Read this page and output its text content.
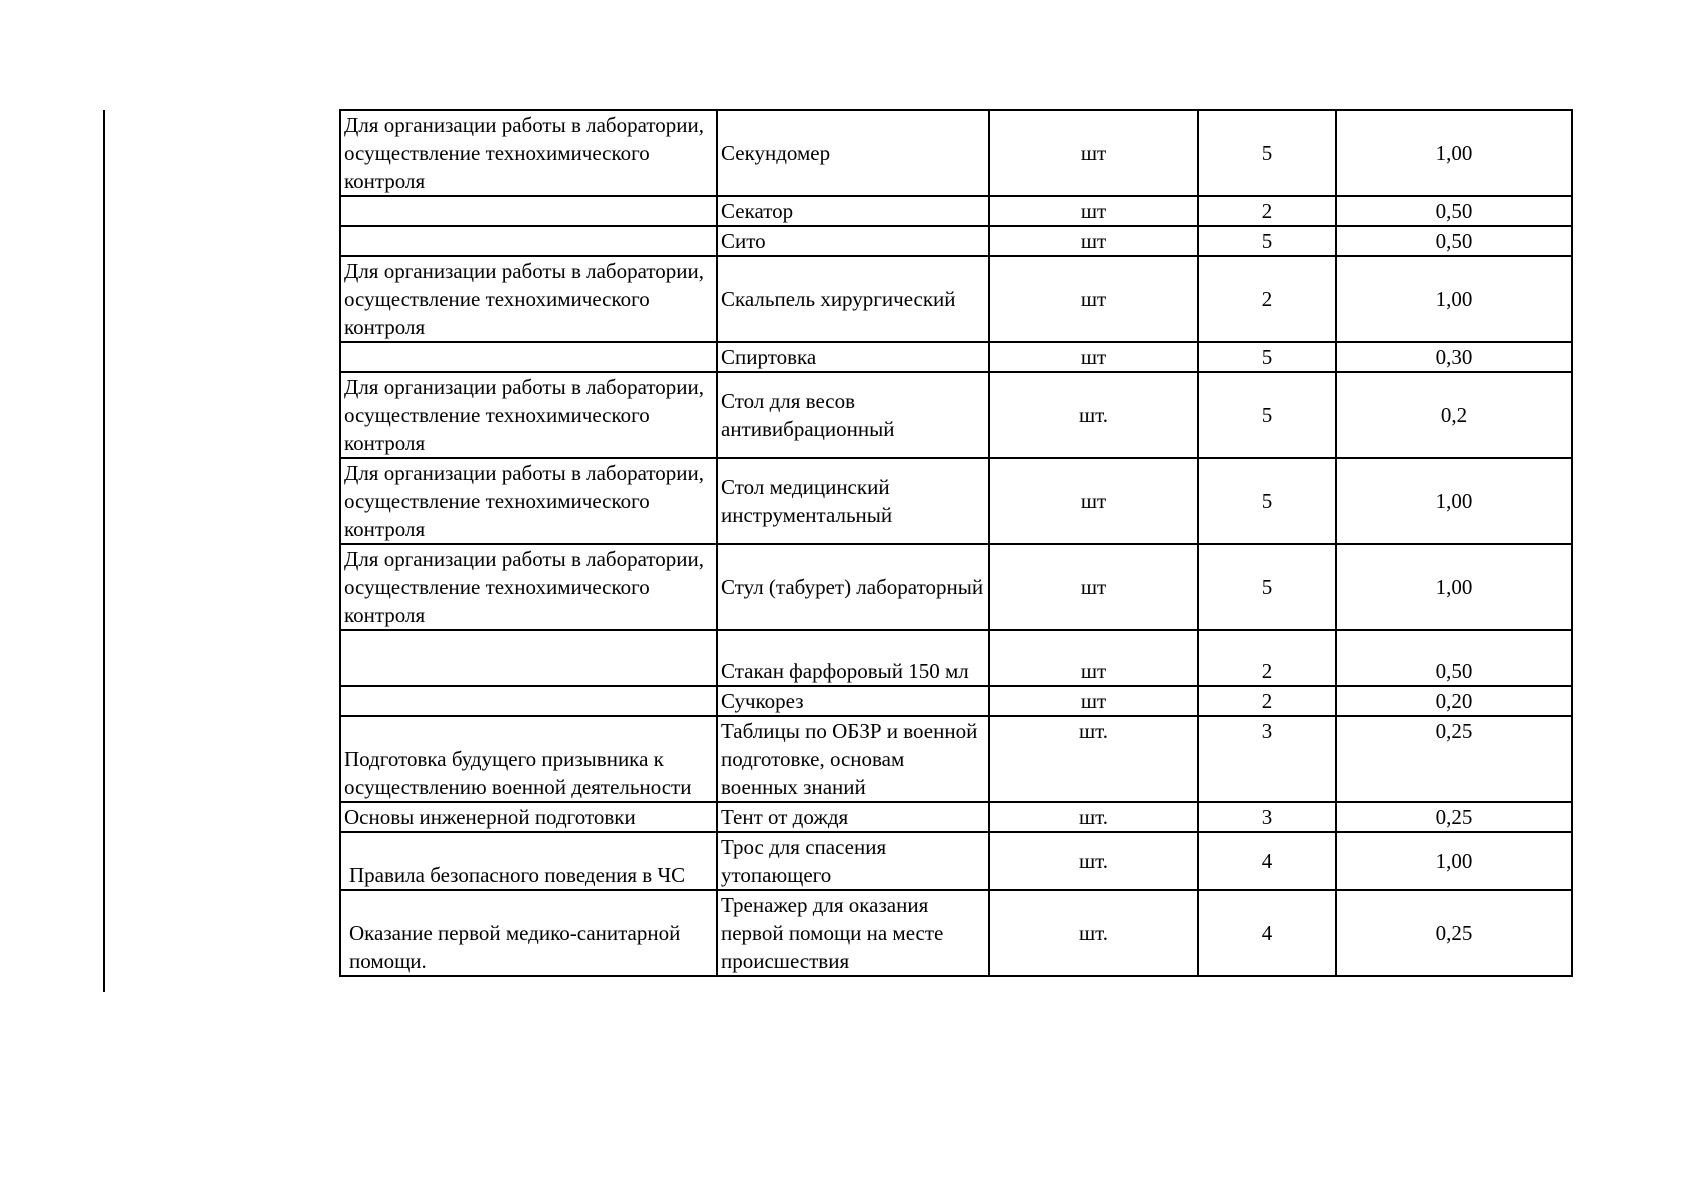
Для организации работы в лаборатории, осуществление технохимического контроля	Секундомер	шт	5	1,00
	Секатор	шт	2	0,50
	Сито	шт	5	0,50
Для организации работы в лаборатории, осуществление технохимического контроля	Скальпель хирургический	шт	2	1,00
	Спиртовка	шт	5	0,30
Для организации работы в лаборатории, осуществление технохимического контроля	Стол для весов антивибрационный	шт.	5	0,2
Для организации работы в лаборатории, осуществление технохимического контроля	Стол медицинский инструментальный	шт	5	1,00
Для организации работы в лаборатории, осуществление технохимического контроля	Стул (табурет) лабораторный	шт	5	1,00
	Стакан фарфоровый 150 мл	шт	2	0,50
	Сучкорез	шт	2	0,20
Подготовка будущего призывника к осуществлению военной деятельности	Таблицы по ОБЗР и военной подготовке, основам военных знаний	шт.	3	0,25
Основы инженерной подготовки	Тент от дождя	шт.	3	0,25
Правила безопасного поведения в ЧС	Трос для спасения утопающего	шт.	4	1,00
Оказание первой медико-санитарной помощи.	Тренажер для оказания первой помощи на месте происшествия	шт.	4	0,25
